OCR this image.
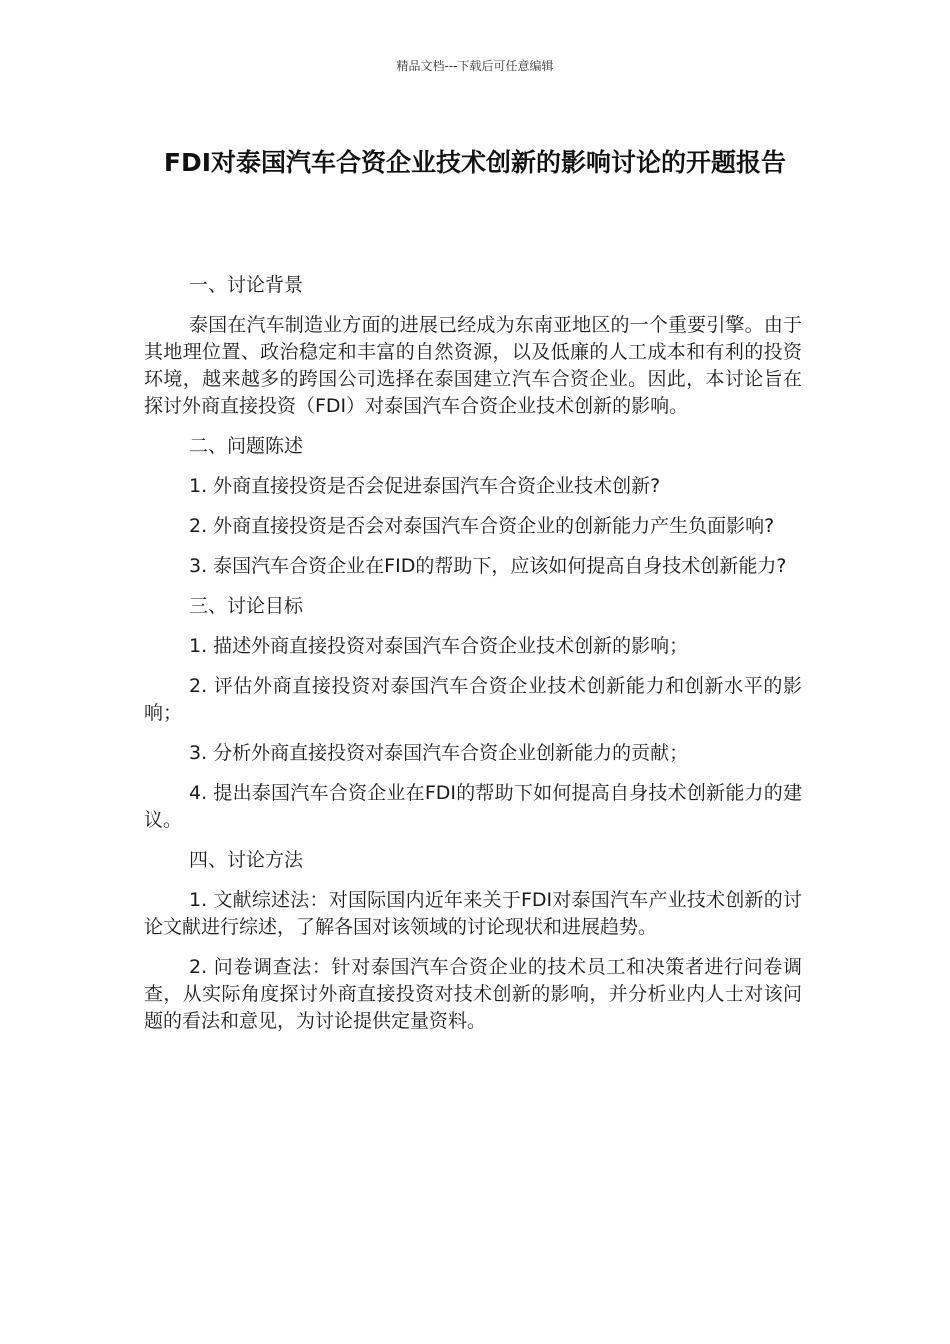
精品文档---下载后可任意编辑
FDI对泰国汽车合资企业技术创新的影响讨论的开题报告

一、讨论背景

泰国在汽车制造业方面的进展已经成为东南亚地区的一个重要引擎。由于其地理位置、政治稳定和丰富的自然资源，以及低廉的人工成本和有利的投资环境，越来越多的跨国公司选择在泰国建立汽车合资企业。因此，本讨论旨在探讨外商直接投资（FDI）对泰国汽车合资企业技术创新的影响。

二、问题陈述

1. 外商直接投资是否会促进泰国汽车合资企业技术创新?

2. 外商直接投资是否会对泰国汽车合资企业的创新能力产生负面影响?

3. 泰国汽车合资企业在FID的帮助下，应该如何提高自身技术创新能力?

三、讨论目标

1. 描述外商直接投资对泰国汽车合资企业技术创新的影响；

2. 评估外商直接投资对泰国汽车合资企业技术创新能力和创新水平的影响；

3. 分析外商直接投资对泰国汽车合资企业创新能力的贡献；

4. 提出泰国汽车合资企业在FDI的帮助下如何提高自身技术创新能力的建议。

四、讨论方法

1. 文献综述法：对国际国内近年来关于FDI对泰国汽车产业技术创新的讨论文献进行综述，了解各国对该领域的讨论现状和进展趋势。

2. 问卷调查法：针对泰国汽车合资企业的技术员工和决策者进行问卷调查，从实际角度探讨外商直接投资对技术创新的影响，并分析业内人士对该问题的看法和意见，为讨论提供定量资料。
